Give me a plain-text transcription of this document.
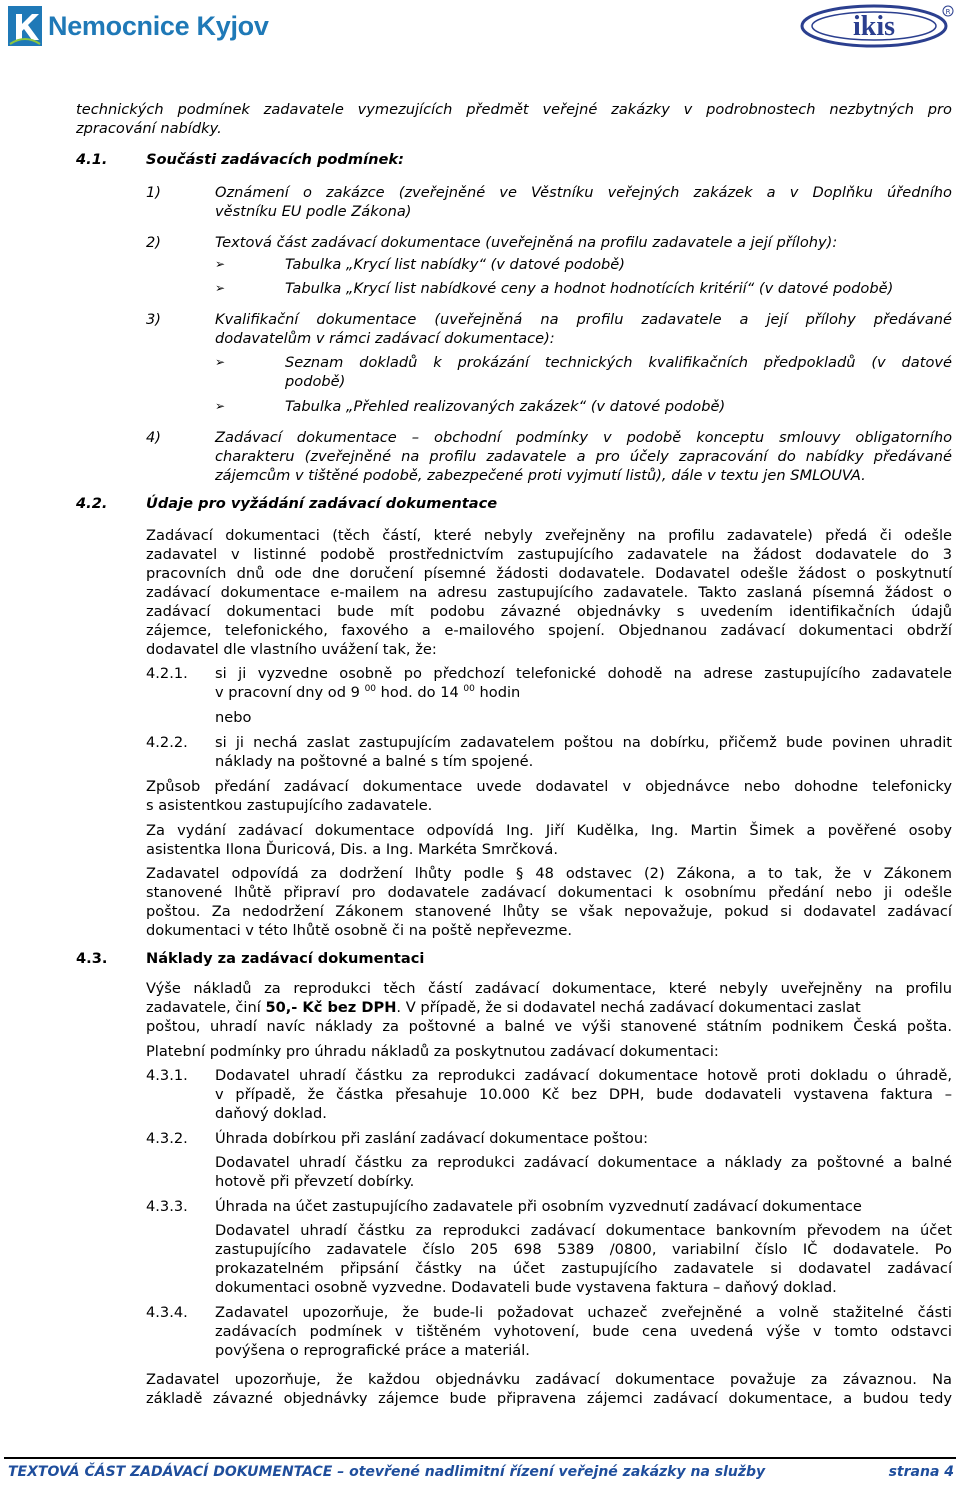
Nemocnice Kyjov	ikis	R
technických podmínek zadavatele vymezujících předmět veřejné zakázky v podrobnostech nezbytných pro
zpracování nabídky.
4.1.	Součásti zadávacích podmínek:
1)	Oznámení o zakázce (zveřejněné ve Věstníku veřejných zakázek a v Doplňku úředního
věstníku EU podle Zákona)
2)	Textová část zadávací dokumentace (uveřejněná na profilu zadavatele a její přílohy):
➢	Tabulka „Krycí list nabídky“ (v datové podobě)
➢	Tabulka „Krycí list nabídkové ceny a hodnot hodnotících kritérií“ (v datové podobě)
3)	Kvalifikační dokumentace (uveřejněná na profilu zadavatele a její přílohy předávané
dodavatelům v rámci zadávací dokumentace):
➢	Seznam dokladů k prokázání technických kvalifikačních předpokladů (v datové
podobě)
➢	Tabulka „Přehled realizovaných zakázek“ (v datové podobě)
4)	Zadávací dokumentace – obchodní podmínky v podobě konceptu smlouvy obligatorního
charakteru (zveřejněné na profilu zadavatele a pro účely zapracování do nabídky předávané
zájemcům v tištěné podobě, zabezpečené proti vyjmutí listů), dále v textu jen SMLOUVA.
4.2.	Údaje pro vyžádání zadávací dokumentace
Zadávací dokumentaci (těch částí, které nebyly zveřejněny na profilu zadavatele) předá či odešle
zadavatel v listinné podobě prostřednictvím zastupujícího zadavatele na žádost dodavatele do 3
pracovních dnů ode dne doručení písemné žádosti dodavatele. Dodavatel odešle žádost o poskytnutí
zadávací dokumentace e-mailem na adresu zastupujícího zadavatele. Takto zaslaná písemná žádost o
zadávací dokumentaci bude mít podobu závazné objednávky s uvedením identifikačních údajů
zájemce, telefonického, faxového a e-mailového spojení. Objednanou zadávací dokumentaci obdrží
dodavatel dle vlastního uvážení tak, že:
4.2.1. si ji vyzvedne osobně po předchozí telefonické dohodě na adrese zastupujícího zadavatele
v pracovní dny od 9 $^{00}$ hod. do 14 $^{00}$ hodin
nebo
4.2.2. si ji nechá zaslat zastupujícím zadavatelem poštou na dobírku, přičemž bude povinen uhradit
náklady na poštovné a balné s tím spojené.
Způsob předání zadávací dokumentace uvede dodavatel v objednávce nebo dohodne telefonicky
s asistentkou zastupujícího zadavatele.
Za vydání zadávací dokumentace odpovídá Ing. Jiří Kudělka, Ing. Martin Šimek a pověřené osoby
asistentka Ilona Ďuricová, Dis. a Ing. Markéta Smrčková.
Zadavatel odpovídá za dodržení lhůty podle § 48 odstavec (2) Zákona, a to tak, že v Zákonem
stanovené lhůtě připraví pro dodavatele zadávací dokumentaci k osobnímu předání nebo ji odešle
poštou. Za nedodržení Zákonem stanovené lhůty se však nepovažuje, pokud si dodavatel zadávací
dokumentaci v této lhůtě osobně či na poště nepřevezme.
4.3.	Náklady za zadávací dokumentaci
Výše nákladů za reprodukci těch částí zadávací dokumentace, které nebyly uveřejněny na profilu
zadavatele, činí 50,- Kč bez DPH. V případě, že si dodavatel nechá zadávací dokumentaci zaslat
poštou, uhradí navíc náklady za poštovné a balné ve výši stanovené státním podnikem Česká pošta.
Platební podmínky pro úhradu nákladů za poskytnutou zadávací dokumentaci:
4.3.1. Dodavatel uhradí částku za reprodukci zadávací dokumentace hotově proti dokladu o úhradě,
v případě, že částka přesahuje 10.000 Kč bez DPH, bude dodavateli vystavena faktura –
daňový doklad.
4.3.2. Úhrada dobírkou při zaslání zadávací dokumentace poštou:
Dodavatel uhradí částku za reprodukci zadávací dokumentace a náklady za poštovné a balné
hotově při převzetí dobírky.
4.3.3. Úhrada na účet zastupujícího zadavatele při osobním vyzvednutí zadávací dokumentace
Dodavatel uhradí částku za reprodukci zadávací dokumentace bankovním převodem na účet
zastupujícího zadavatele číslo 205 698 5389 /0800, variabilní číslo IČ dodavatele. Po
prokazatelném připsání částky na účet zastupujícího zadavatele si dodavatel zadávací
dokumentaci osobně vyzvedne. Dodavateli bude vystavena faktura – daňový doklad.
4.3.4. Zadavatel upozorňuje, že bude-li požadovat uchazeč zveřejněné a volně stažitelné části
zadávacích podmínek v tištěném vyhotovení, bude cena uvedená výše v tomto odstavci
povýšena o reprografické práce a materiál.
Zadavatel upozorňuje, že každou objednávku zadávací dokumentace považuje za závaznou. Na
základě závazné objednávky zájemce bude připravena zájemci zadávací dokumentace, a budou tedy
TEXTOVÁ ČÁST ZADÁVACÍ DOKUMENTACE – otevřené nadlimitní řízení veřejné zakázky na služby	strana 4
